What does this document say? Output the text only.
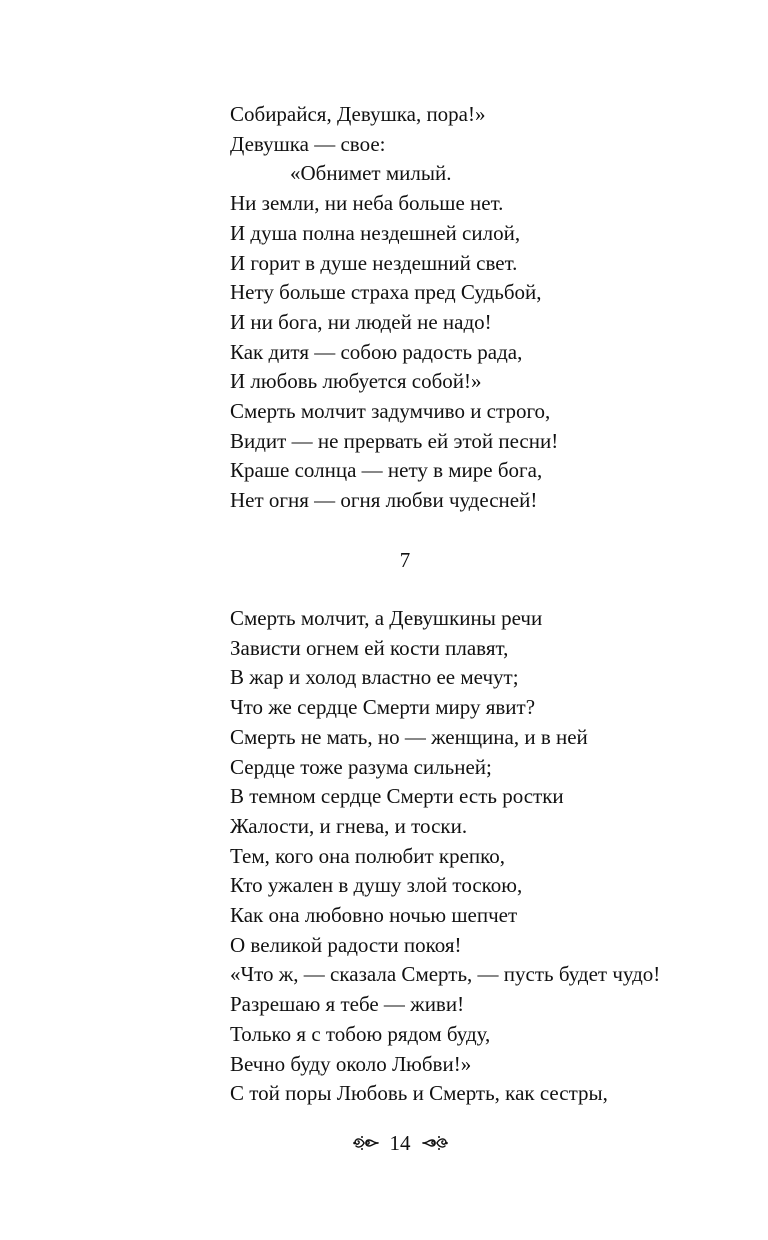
Собирайся, Девушка, пора!»
Девушка — свое:
«Обнимет милый.
Ни земли, ни неба больше нет.
И душа полна нездешней силой,
И горит в душе нездешний свет.
Нету больше страха пред Судьбой,
И ни бога, ни людей не надо!
Как дитя — собою радость рада,
И любовь любуется собой!»
Смерть молчит задумчиво и строго,
Видит — не прервать ей этой песни!
Краше солнца — нету в мире бога,
Нет огня — огня любви чудесней!
7
Смерть молчит, а Девушкины речи
Зависти огнем ей кости плавят,
В жар и холод властно ее мечут;
Что же сердце Смерти миру явит?
Смерть не мать, но — женщина, и в ней
Сердце тоже разума сильней;
В темном сердце Смерти есть ростки
Жалости, и гнева, и тоски.
Тем, кого она полюбит крепко,
Кто ужален в душу злой тоскою,
Как она любовно ночью шепчет
О великой радости покоя!
«Что ж, — сказала Смерть, — пусть будет чудо!
Разрешаю я тебе — живи!
Только я с тобою рядом буду,
Вечно буду около Любви!»
С той поры Любовь и Смерть, как сестры,
14
